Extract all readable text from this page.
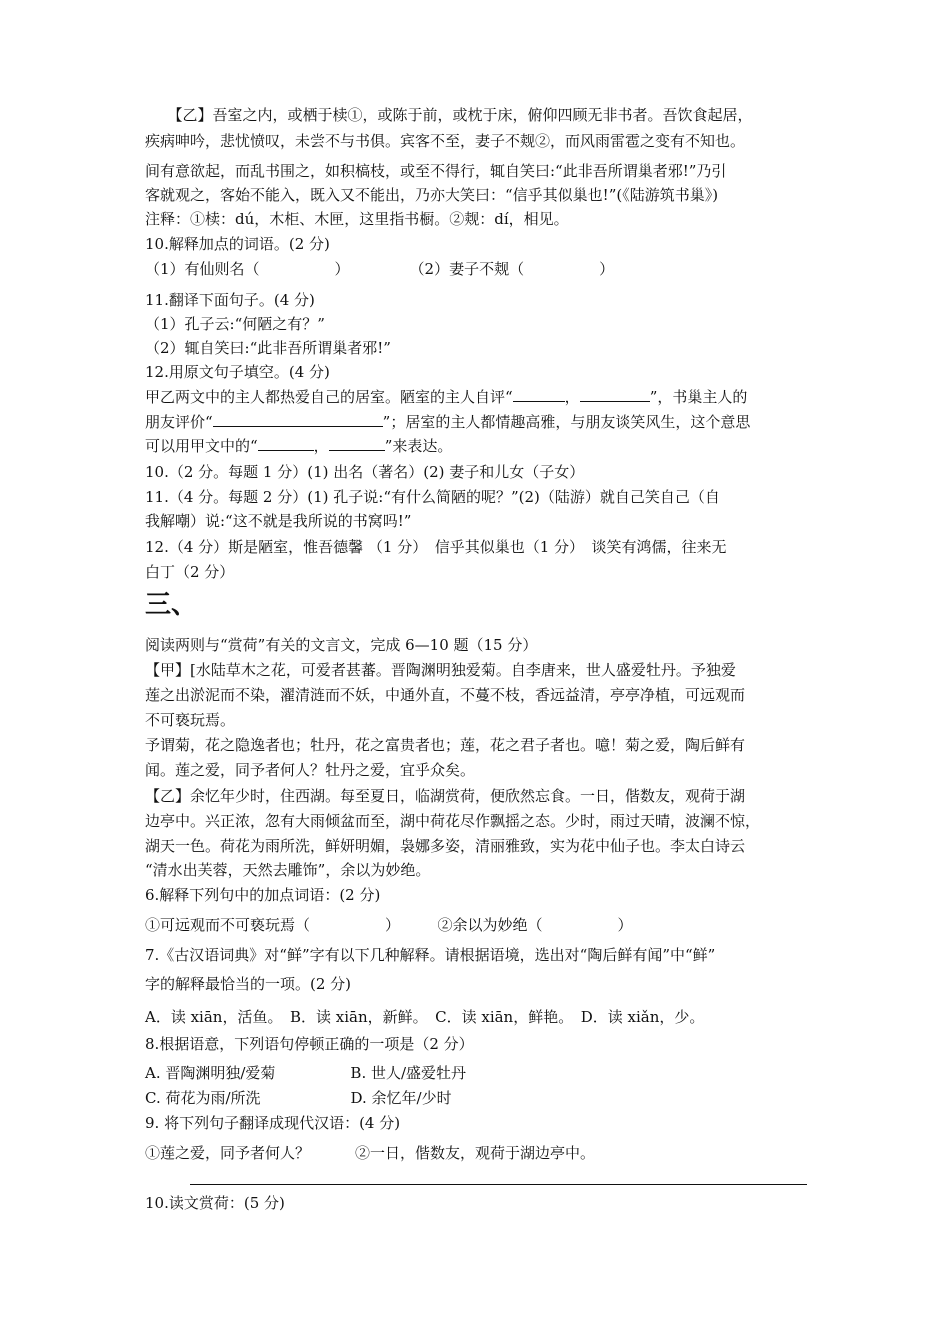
　　【乙】吾室之内，或栖于椟①，或陈于前，或枕于床，俯仰四顾无非书者。吾饮食起居，
疾病呻吟，悲忧愤叹，未尝不与书俱。宾客不至，妻子不觌②，而风雨雷雹之变有不知也。
间有意欲起，而乱书围之，如积槁枝，或至不得行，辄自笑曰:“此非吾所谓巢者邪!”乃引
客就观之，客始不能入，既入又不能出，乃亦大笑曰：“信乎其似巢也!”(《陆游筑书巢》)
注释：①椟：dú，木柜、木匣，这里指书橱。②觌：dí，相见。
10.解释加点的词语。(2 分)
（1）有仙则名（　　　　　）　　　　　（2）妻子不觌（　　　　　）
11.翻译下面句子。(4 分)
（1）孔子云:“何陋之有？”
（2）辄自笑曰:“此非吾所谓巢者邪!”
12.用原文句子填空。(4 分)
甲乙两文中的主人都热爱自己的居室。陋室的主人自评“	，	”，书巢主人的
朋友评价“	”；居室的主人都情趣高雅，与朋友谈笑风生，这个意思
可以用甲文中的“	，	”来表达。
10.（2 分。每题 1 分）(1) 出名（著名）(2) 妻子和儿女（子女）
11.（4 分。每题 2 分）(1) 孔子说:“有什么简陋的呢？”(2)（陆游）就自己笑自己（自
我解嘲）说:“这不就是我所说的书窝吗!”
12.（4 分）斯是陋室，惟吾德馨 （1 分）　信乎其似巢也（1 分）　谈笑有鸿儒，往来无
白丁（2 分）
三、
阅读两则与“赏荷”有关的文言文，完成 6—10 题（15 分）
【甲】[水陆草木之花，可爱者甚蕃。晋陶渊明独爱菊。自李唐来，世人盛爱牡丹。予独爱
莲之出淤泥而不染，濯清涟而不妖，中通外直，不蔓不枝，香远益清，亭亭净植，可远观而
不可亵玩焉。
予谓菊，花之隐逸者也；牡丹，花之富贵者也；莲，花之君子者也。噫！菊之爱，陶后鲜有
闻。莲之爱，同予者何人？牡丹之爱，宜乎众矣。
【乙】余忆年少时，住西湖。每至夏日，临湖赏荷，便欣然忘食。一日，偕数友，观荷于湖
边亭中。兴正浓，忽有大雨倾盆而至，湖中荷花尽作飘摇之态。少时，雨过天晴，波澜不惊，
湖天一色。荷花为雨所洗，鲜妍明媚，袅娜多姿，清丽雅致，实为花中仙子也。李太白诗云
“清水出芙蓉，天然去雕饰”，余以为妙绝。
6.解释下列句中的加点词语：(2 分)
①可远观而不可亵玩焉（　　　　　）　　　②余以为妙绝（　　　　　）
7.《古汉语词典》对“鲜”字有以下几种解释。请根据语境，选出对“陶后鲜有闻”中“鲜”
字的解释最恰当的一项。(2 分)
A．读 xiān，活鱼。　B．读 xiān，新鲜。　C．读 xiān，鲜艳。　D．读 xiǎn，少。
8.根据语意，下列语句停顿正确的一项是（2 分）
A. 晋陶渊明独/爱菊　　　　　B. 世人/盛爱牡丹
C. 荷花为雨/所洗　　　　　　D. 余忆年/少时
9. 将下列句子翻译成现代汉语：(4 分)
①莲之爱，同予者何人？　　　②一日，偕数友，观荷于湖边亭中。
10.读文赏荷：(5 分)
